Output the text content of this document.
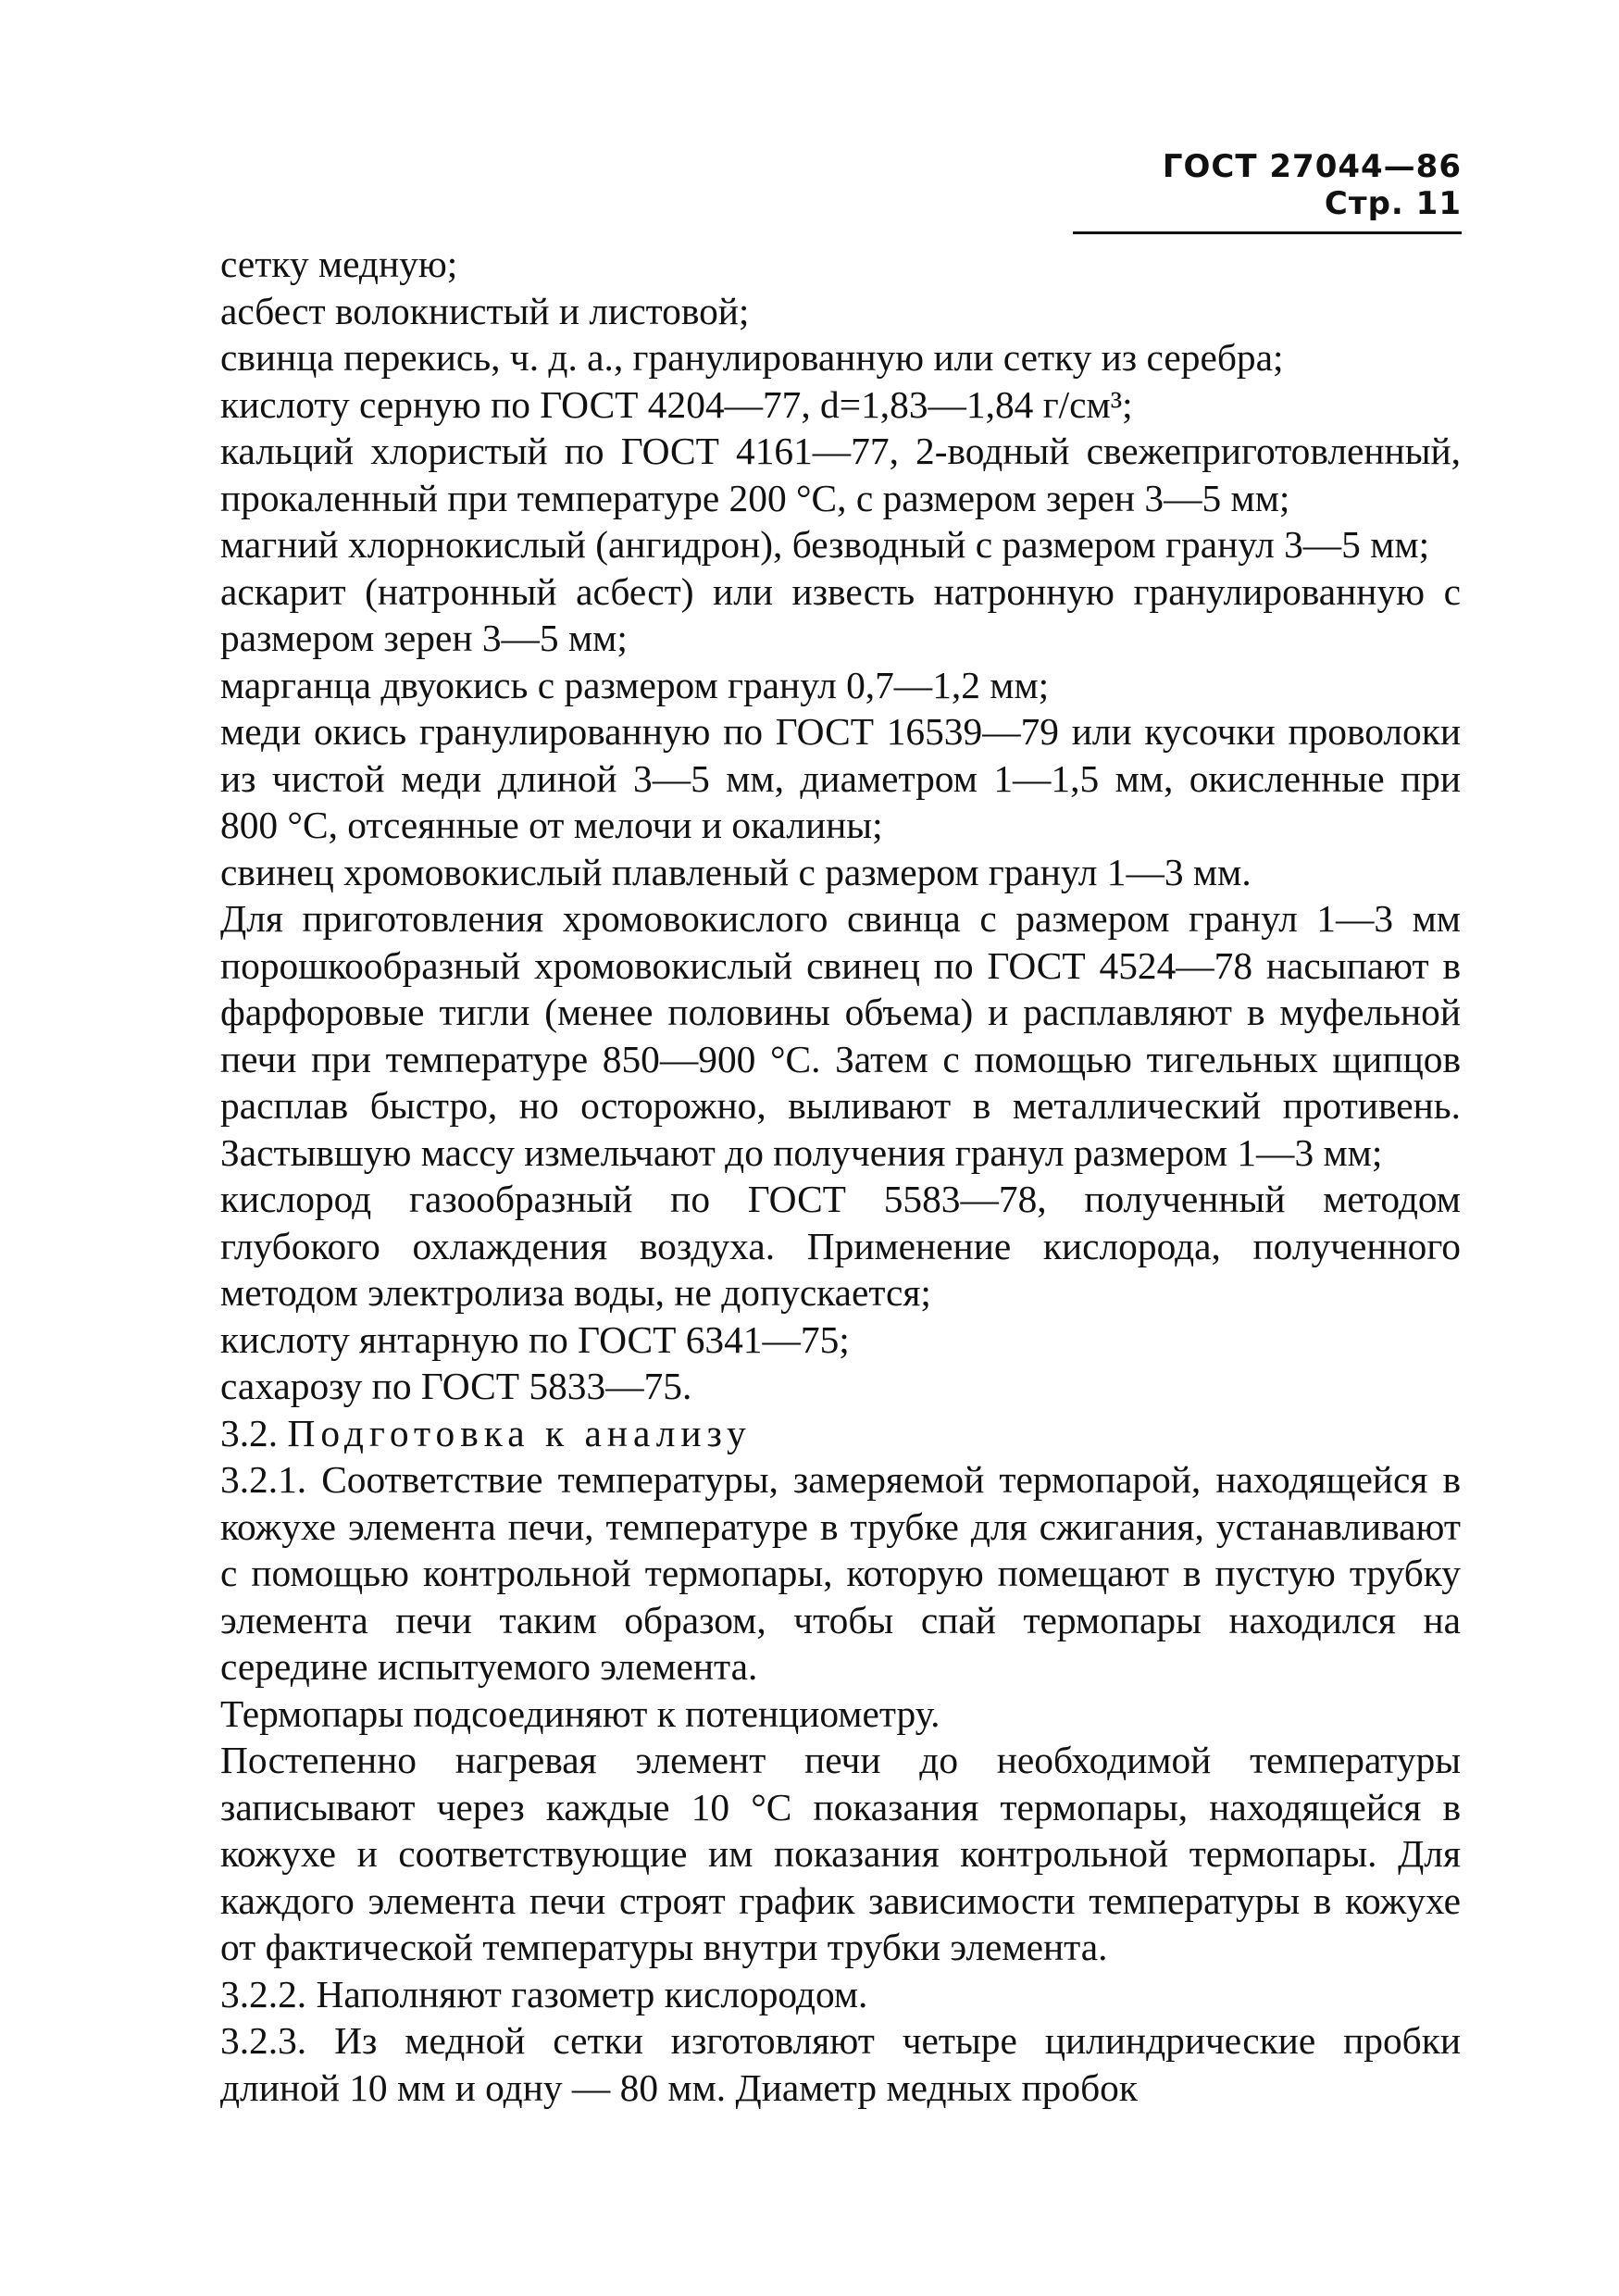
ГОСТ 27044—86 Стр. 11

сетку медную;

асбест волокнистый и листовой;

свинца перекись, ч. д. а., гранулированную или сетку из серебра;

кислоту серную по ГОСТ 4204—77, d=1,83—1,84 г/см³;

кальций хлористый по ГОСТ 4161—77, 2-водный свежеприготовленный, прокаленный при температуре 200 °С, с размером зерен 3—5 мм;

магний хлорнокислый (ангидрон), безводный с размером гранул 3—5 мм;

аскарит (натронный асбест) или известь натронную гранулированную с размером зерен 3—5 мм;

марганца двуокись с размером гранул 0,7—1,2 мм;

меди окись гранулированную по ГОСТ 16539—79 или кусочки проволоки из чистой меди длиной 3—5 мм, диаметром 1—1,5 мм, окисленные при 800 °С, отсеянные от мелочи и окалины;

свинец хромовокислый плавленый с размером гранул 1—3 мм.

Для приготовления хромовокислого свинца с размером гранул 1—3 мм порошкообразный хромовокислый свинец по ГОСТ 4524—78 насыпают в фарфоровые тигли (менее половины объема) и расплавляют в муфельной печи при температуре 850—900 °С. Затем с помощью тигельных щипцов расплав быстро, но осторожно, выливают в металлический противень. Застывшую массу измельчают до получения гранул размером 1—3 мм;

кислород газообразный по ГОСТ 5583—78, полученный методом глубокого охлаждения воздуха. Применение кислорода, полученного методом электролиза воды, не допускается;

кислоту янтарную по ГОСТ 6341—75;

сахарозу по ГОСТ 5833—75.

3.2. Подготовка к анализу

3.2.1. Соответствие температуры, замеряемой термопарой, находящейся в кожухе элемента печи, температуре в трубке для сжигания, устанавливают с помощью контрольной термопары, которую помещают в пустую трубку элемента печи таким образом, чтобы спай термопары находился на середине испытуемого элемента.

Термопары подсоединяют к потенциометру.

Постепенно нагревая элемент печи до необходимой температуры записывают через каждые 10 °С показания термопары, находящейся в кожухе и соответствующие им показания контрольной термопары. Для каждого элемента печи строят график зависимости температуры в кожухе от фактической температуры внутри трубки элемента.

3.2.2. Наполняют газометр кислородом.

3.2.3. Из медной сетки изготовляют четыре цилиндрические пробки длиной 10 мм и одну — 80 мм. Диаметр медных пробок
